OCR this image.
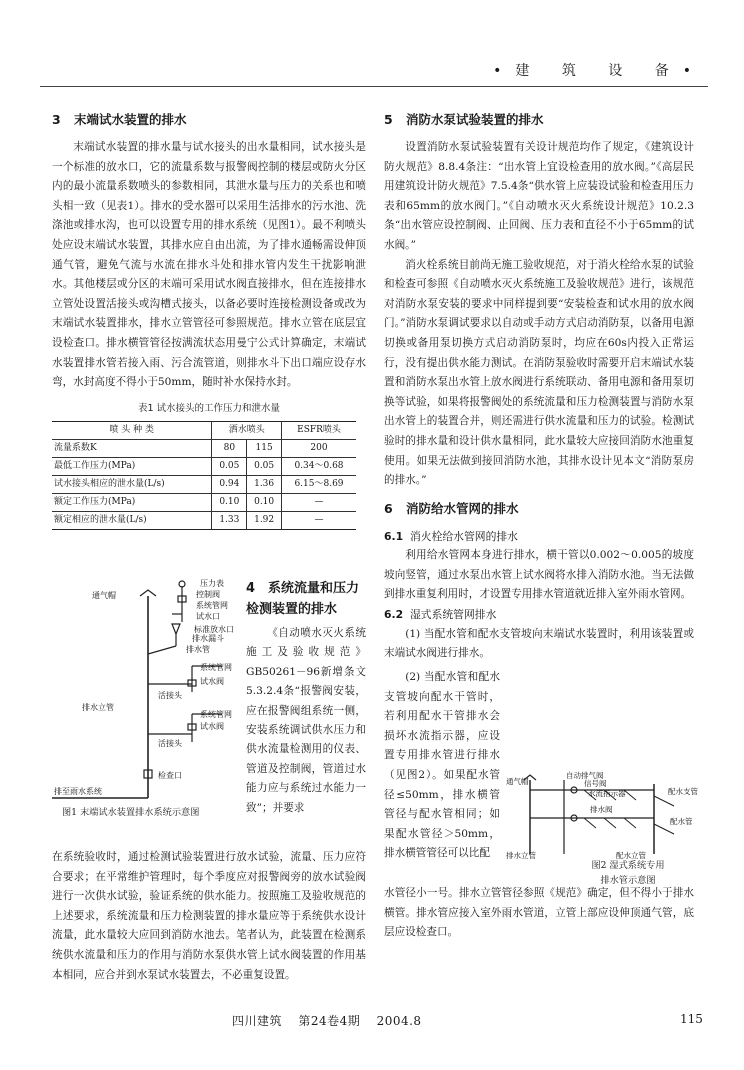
•建 筑 设 备•
3 末端试水装置的排水

末端试水装置的排水量与试水接头的出水量相同，试水接头是一个标准的放水口，它的流量系数与报警阀控制的楼层或防火分区内的最小流量系数喷头的参数相同，其泄水量与压力的关系也和喷头相一致（见表1）。排水的受水器可以采用生活排水的污水池、洗涤池或排水沟，也可以设置专用的排水系统（见图1）。最不利喷头处应设末端试水装置，其排水应自由出流，为了排水通畅需设伸顶通气管，避免气流与水流在排水斗处和排水管内发生干扰影响泄水。其他楼层或分区的末端可采用试水阀直接排水，但在连接排水立管处设置活接头或沟槽式接头，以备必要时连接检测设备或改为末端试水装置排水，排水立管管径可参照规范。排水立管在底层宜设检查口。排水横管管径按满流状态用曼宁公式计算确定，末端试水装置排水管若接入雨、污合流管道，则排水斗下出口端应设存水弯，水封高度不得小于50mm，随时补水保持水封。

表1 试水接头的工作压力和泄水量
喷 头 种 类	洒水喷头		ESFR喷头
流量系数K	80	115	200
最低工作压力(MPa)	0.05	0.05	0.34～0.68
试水接头相应的泄水量(L/s)	0.94	1.36	6.15～8.69
额定工作压力(MPa)	0.10	0.10	—
额定相应的泄水量(L/s)	1.33	1.92	—
通气帽
压力表
控制阀
系统管网
试水口
标准放水口
排水漏斗
排水管
系统管网
试水阀
活接头
排水立管
系统管网
试水阀
活接头
检查口
排至雨水系统
图1 末端试水装置排水系统示意图
4 系统流量和压力检测装置的排水

《自动喷水灭火系统施工及验收规范》GB50261－96新增条文5.3.2.4条“报警阀安装，应在报警阀组系统一侧，安装系统调试供水压力和供水流量检测用的仪表、管道及控制阀，管道过水能力应与系统过水能力一致”；并要求

在系统验收时，通过检测试验装置进行放水试验，流量、压力应符合要求；在平常维护管理时，每个季度应对报警阀旁的放水试验阀进行一次供水试验，验证系统的供水能力。按照施工及验收规范的上述要求，系统流量和压力检测装置的排水量应等于系统供水设计流量，此水量较大应回到消防水池去。笔者认为，此装置在检测系统供水流量和压力的作用与消防水泵供水管上试水阀装置的作用基本相同，应合并到水泵试水装置去，不必重复设置。

5 消防水泵试验装置的排水

设置消防水泵试验装置有关设计规范均作了规定，《建筑设计防火规范》8.8.4条注：“出水管上宜设检查用的放水阀。”《高层民用建筑设计防火规范》7.5.4条“供水管上应装设试验和检查用压力表和65mm的放水阀门。”《自动喷水灭火系统设计规范》10.2.3条“出水管应设控制阀、止回阀、压力表和直径不小于65mm的试水阀。”

消火栓系统目前尚无施工验收规范，对于消火栓给水泵的试验和检查可参照《自动喷水灭火系统施工及验收规范》进行，该规范对消防水泵安装的要求中同样提到要“安装检查和试水用的放水阀门。”消防水泵调试要求以自动或手动方式启动消防泵，以备用电源切换或备用泵切换方式启动消防泵时，均应在60s内投入正常运行，没有提出供水能力测试。在消防泵验收时需要开启末端试水装置和消防水泵出水管上放水阀进行系统联动、备用电源和备用泵切换等试验，如果将报警阀处的系统流量和压力检测装置与消防水泵出水管上的装置合并，则还需进行供水流量和压力的试验。检测试验时的排水量和设计供水量相同，此水量较大应接回消防水池重复使用。如果无法做到接回消防水池，其排水设计见本文“消防泵房的排水。”

6 消防给水管网的排水
6.1 消火栓给水管网的排水

利用给水管网本身进行排水，横干管以0.002～0.005的坡度坡向竖管，通过水泵出水管上试水阀将水排入消防水池。当无法做到排水重复利用时，才设置专用排水管道就近排入室外雨水管网。

6.2 湿式系统管网排水

(1) 当配水管和配水支管坡向末端试水装置时，利用该装置或末端试水阀进行排水。

(2) 当配水管和配水支管坡向配水干管时，若利用配水干管排水会损坏水流指示器，应设置专用排水管进行排水（见图2）。如果配水管径≤50mm，排水横管管径与配水管相同；如果配水管径＞50mm，排水横管管径可以比配

自动排气阀
通气帽	信号阀
水流指示器
排水阀
配水支管
配水管
排水立管	配水立管
图2 湿式系统专用
排水管示意图

水管径小一号。排水立管管径参照《规范》确定，但不得小于排水横管。排水管应接入室外雨水管道，立管上部应设伸顶通气管，底层应设检查口。

四川建筑 第24卷4期 2004.8	115
